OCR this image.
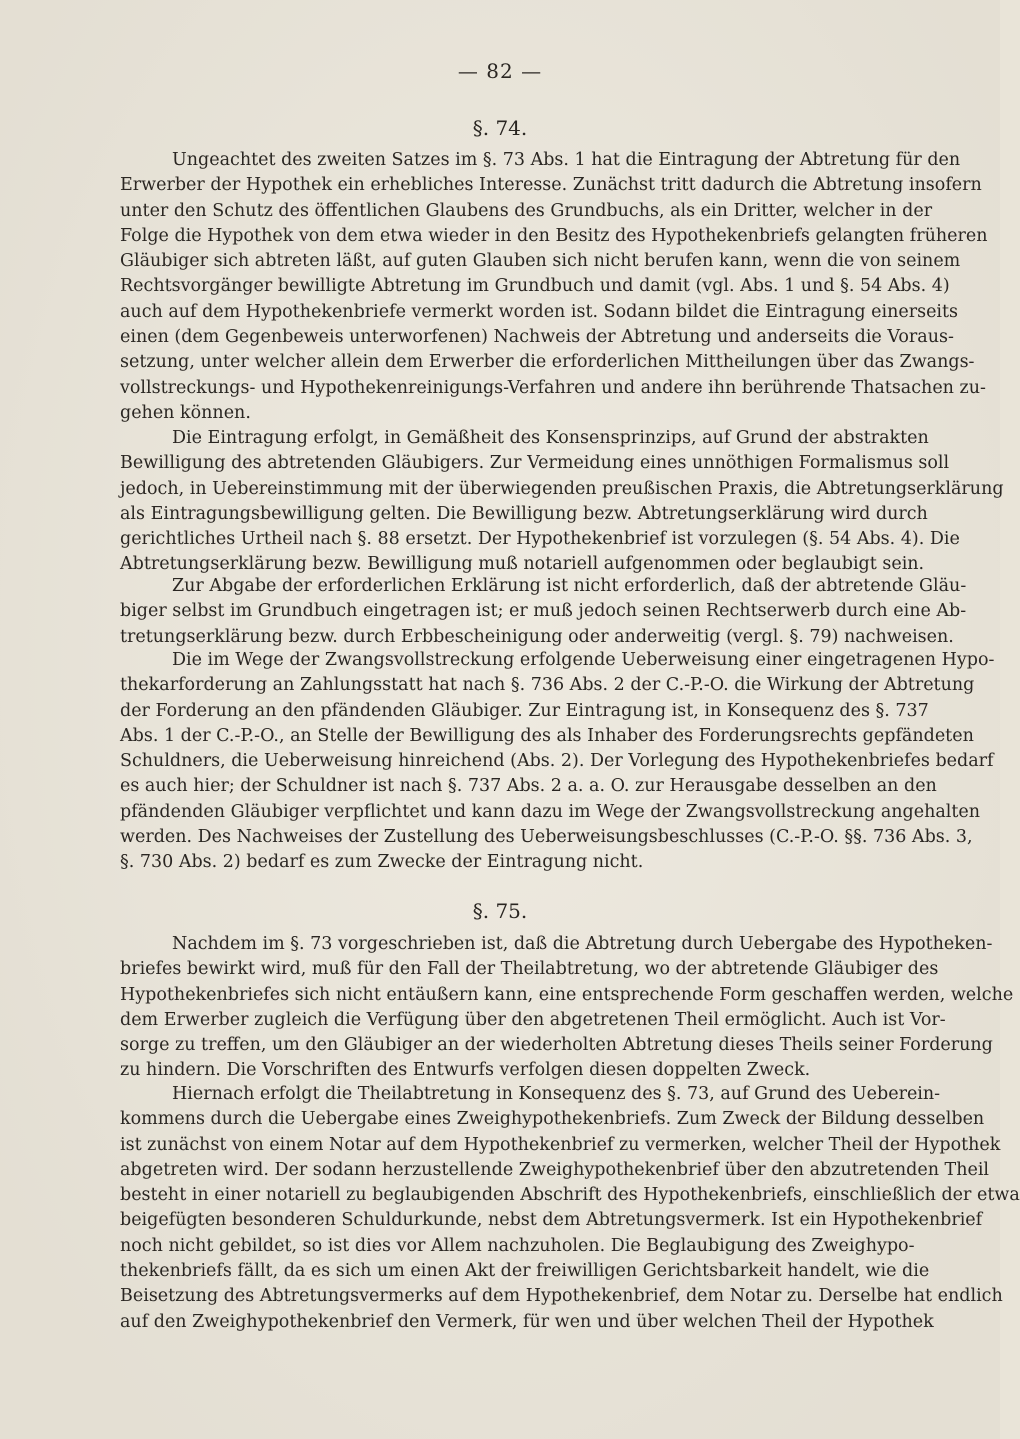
— 82 —
§. 74.
Ungeachtet des zweiten Satzes im §. 73 Abs. 1 hat die Eintragung der Abtretung für den
Erwerber der Hypothek ein erhebliches Interesse. Zunächst tritt dadurch die Abtretung insofern
unter den Schutz des öffentlichen Glaubens des Grundbuchs, als ein Dritter, welcher in der
Folge die Hypothek von dem etwa wieder in den Besitz des Hypothekenbriefs gelangten früheren
Gläubiger sich abtreten läßt, auf guten Glauben sich nicht berufen kann, wenn die von seinem
Rechtsvorgänger bewilligte Abtretung im Grundbuch und damit (vgl. Abs. 1 und §. 54 Abs. 4)
auch auf dem Hypothekenbriefe vermerkt worden ist. Sodann bildet die Eintragung einerseits
einen (dem Gegenbeweis unterworfenen) Nachweis der Abtretung und anderseits die Voraus-
setzung, unter welcher allein dem Erwerber die erforderlichen Mittheilungen über das Zwangs-
vollstreckungs- und Hypothekenreinigungs-Verfahren und andere ihn berührende Thatsachen zu-
gehen können.
Die Eintragung erfolgt, in Gemäßheit des Konsensprinzips, auf Grund der abstrakten
Bewilligung des abtretenden Gläubigers. Zur Vermeidung eines unnöthigen Formalismus soll
jedoch, in Uebereinstimmung mit der überwiegenden preußischen Praxis, die Abtretungserklärung
als Eintragungsbewilligung gelten. Die Bewilligung bezw. Abtretungserklärung wird durch
gerichtliches Urtheil nach §. 88 ersetzt. Der Hypothekenbrief ist vorzulegen (§. 54 Abs. 4). Die
Abtretungserklärung bezw. Bewilligung muß notariell aufgenommen oder beglaubigt sein.
Zur Abgabe der erforderlichen Erklärung ist nicht erforderlich, daß der abtretende Gläu-
biger selbst im Grundbuch eingetragen ist; er muß jedoch seinen Rechtserwerb durch eine Ab-
tretungserklärung bezw. durch Erbbescheinigung oder anderweitig (vergl. §. 79) nachweisen.
Die im Wege der Zwangsvollstreckung erfolgende Ueberweisung einer eingetragenen Hypo-
thekarforderung an Zahlungsstatt hat nach §. 736 Abs. 2 der C.-P.-O. die Wirkung der Abtretung
der Forderung an den pfändenden Gläubiger. Zur Eintragung ist, in Konsequenz des §. 737
Abs. 1 der C.-P.-O., an Stelle der Bewilligung des als Inhaber des Forderungsrechts gepfändeten
Schuldners, die Ueberweisung hinreichend (Abs. 2). Der Vorlegung des Hypothekenbriefes bedarf
es auch hier; der Schuldner ist nach §. 737 Abs. 2 a. a. O. zur Herausgabe desselben an den
pfändenden Gläubiger verpflichtet und kann dazu im Wege der Zwangsvollstreckung angehalten
werden. Des Nachweises der Zustellung des Ueberweisungsbeschlusses (C.-P.-O. §§. 736 Abs. 3,
§. 730 Abs. 2) bedarf es zum Zwecke der Eintragung nicht.
§. 75.
Nachdem im §. 73 vorgeschrieben ist, daß die Abtretung durch Uebergabe des Hypotheken-
briefes bewirkt wird, muß für den Fall der Theilabtretung, wo der abtretende Gläubiger des
Hypothekenbriefes sich nicht entäußern kann, eine entsprechende Form geschaffen werden, welche
dem Erwerber zugleich die Verfügung über den abgetretenen Theil ermöglicht. Auch ist Vor-
sorge zu treffen, um den Gläubiger an der wiederholten Abtretung dieses Theils seiner Forderung
zu hindern. Die Vorschriften des Entwurfs verfolgen diesen doppelten Zweck.
Hiernach erfolgt die Theilabtretung in Konsequenz des §. 73, auf Grund des Ueberein-
kommens durch die Uebergabe eines Zweighypothekenbriefs. Zum Zweck der Bildung desselben
ist zunächst von einem Notar auf dem Hypothekenbrief zu vermerken, welcher Theil der Hypothek
abgetreten wird. Der sodann herzustellende Zweighypothekenbrief über den abzutretenden Theil
besteht in einer notariell zu beglaubigenden Abschrift des Hypothekenbriefs, einschließlich der etwa
beigefügten besonderen Schuldurkunde, nebst dem Abtretungsvermerk. Ist ein Hypothekenbrief
noch nicht gebildet, so ist dies vor Allem nachzuholen. Die Beglaubigung des Zweighypo-
thekenbriefs fällt, da es sich um einen Akt der freiwilligen Gerichtsbarkeit handelt, wie die
Beisetzung des Abtretungsvermerks auf dem Hypothekenbrief, dem Notar zu. Derselbe hat endlich
auf den Zweighypothekenbrief den Vermerk, für wen und über welchen Theil der Hypothek
